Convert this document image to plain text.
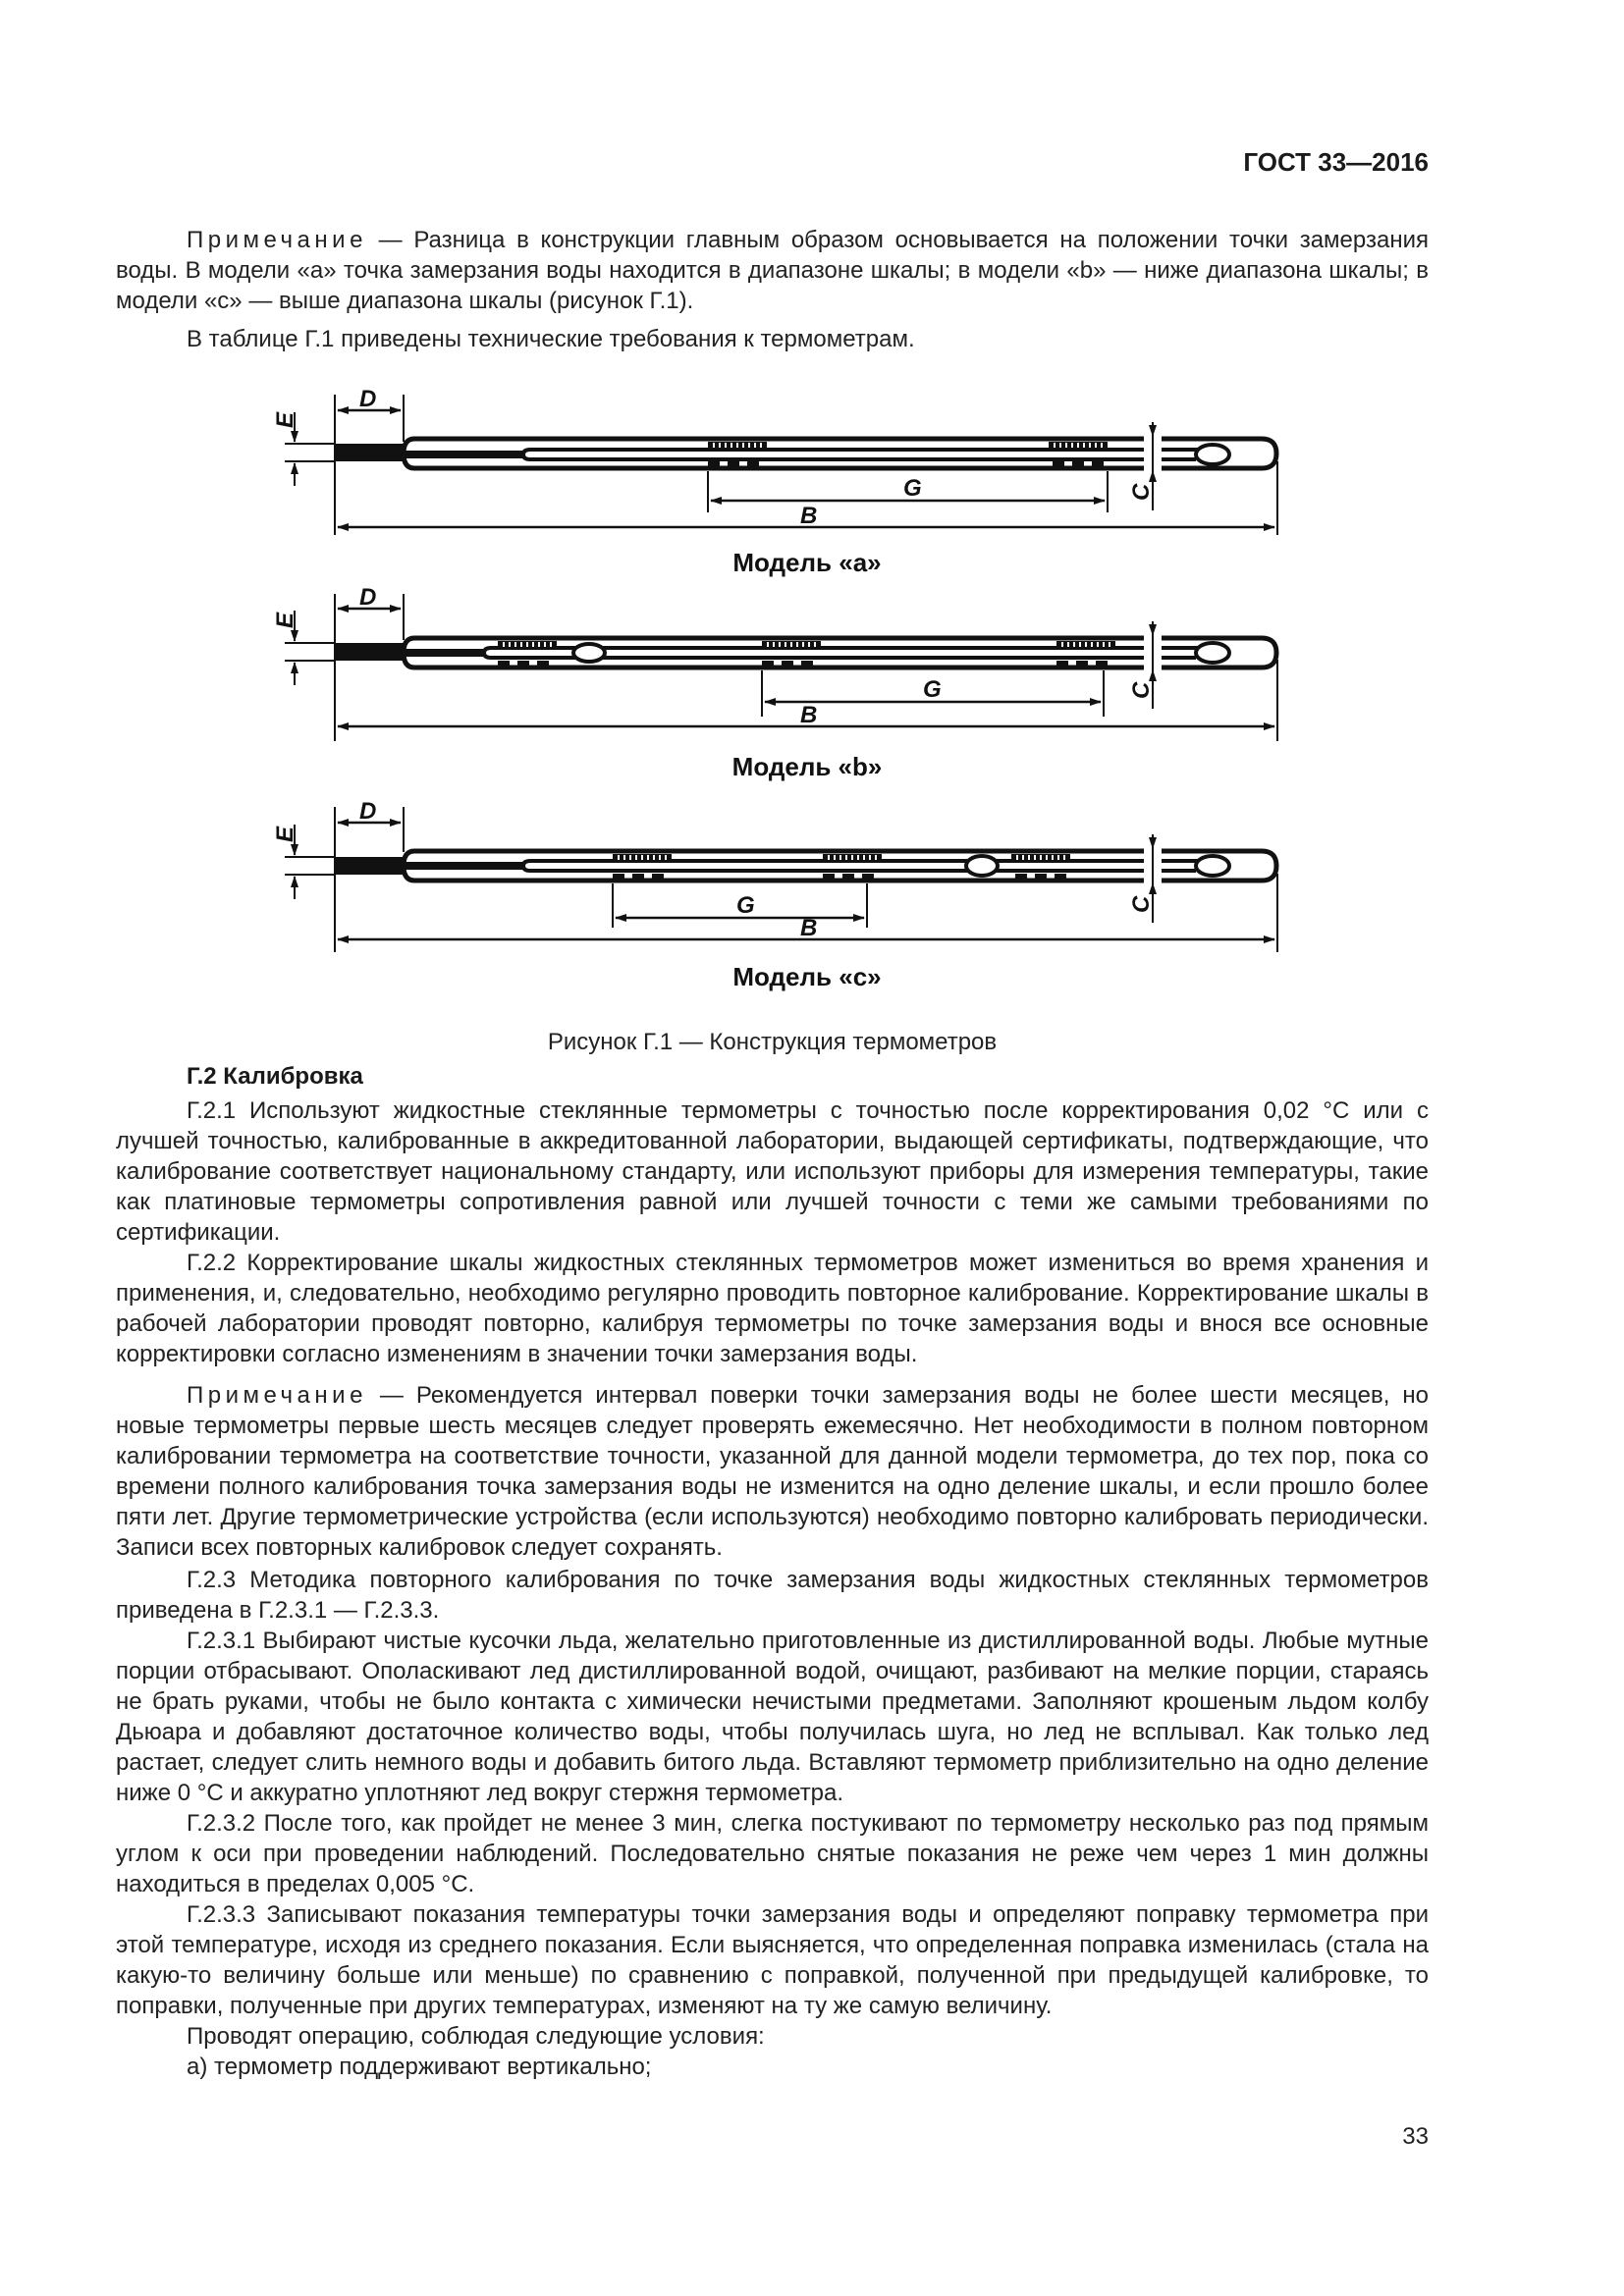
ГОСТ 33—2016

Примечание — Разница в конструкции главным образом основывается на положении точки замерзания воды. В модели «a» точка замерзания воды находится в диапазоне шкалы; в модели «b» — ниже диапазона шкалы; в модели «c» — выше диапазона шкалы (рисунок Г.1).

В таблице Г.1 приведены технические требования к термометрам.

D
E
G
B
C
Модель «a»
D
E
G
B
C
Модель «b»
D
E
G
B
C
Модель «c»
Рисунок Г.1 — Конструкция термометров
Г.2 Калибровка

Г.2.1 Используют жидкостные стеклянные термометры с точностью после корректирования 0,02 °С или с лучшей точностью, калиброванные в аккредитованной лаборатории, выдающей сертификаты, подтверждающие, что калибрование соответствует национальному стандарту, или используют приборы для измерения температуры, такие как платиновые термометры сопротивления равной или лучшей точности с теми же самыми требованиями по сертификации.

Г.2.2 Корректирование шкалы жидкостных стеклянных термометров может измениться во время хранения и применения, и, следовательно, необходимо регулярно проводить повторное калибрование. Корректирование шкалы в рабочей лаборатории проводят повторно, калибруя термометры по точке замерзания воды и внося все основные корректировки согласно изменениям в значении точки замерзания воды.

Примечание — Рекомендуется интервал поверки точки замерзания воды не более шести месяцев, но новые термометры первые шесть месяцев следует проверять ежемесячно. Нет необходимости в полном повторном калибровании термометра на соответствие точности, указанной для данной модели термометра, до тех пор, пока со времени полного калибрования точка замерзания воды не изменится на одно деление шкалы, и если прошло более пяти лет. Другие термометрические устройства (если используются) необходимо повторно калибровать периодически. Записи всех повторных калибровок следует сохранять.

Г.2.3 Методика повторного калибрования по точке замерзания воды жидкостных стеклянных термометров приведена в Г.2.3.1 — Г.2.3.3.

Г.2.3.1 Выбирают чистые кусочки льда, желательно приготовленные из дистиллированной воды. Любые мутные порции отбрасывают. Ополаскивают лед дистиллированной водой, очищают, разбивают на мелкие порции, стараясь не брать руками, чтобы не было контакта с химически нечистыми предметами. Заполняют крошеным льдом колбу Дьюара и добавляют достаточное количество воды, чтобы получилась шуга, но лед не всплывал. Как только лед растает, следует слить немного воды и добавить битого льда. Вставляют термометр приблизительно на одно деление ниже 0 °С и аккуратно уплотняют лед вокруг стержня термометра.

Г.2.3.2 После того, как пройдет не менее 3 мин, слегка постукивают по термометру несколько раз под прямым углом к оси при проведении наблюдений. Последовательно снятые показания не реже чем через 1 мин должны находиться в пределах 0,005 °С.

Г.2.3.3 Записывают показания температуры точки замерзания воды и определяют поправку термометра при этой температуре, исходя из среднего показания. Если выясняется, что определенная поправка изменилась (стала на какую-то величину больше или меньше) по сравнению с поправкой, полученной при предыдущей калибровке, то поправки, полученные при других температурах, изменяют на ту же самую величину.

Проводят операцию, соблюдая следующие условия:

а) термометр поддерживают вертикально;

33
